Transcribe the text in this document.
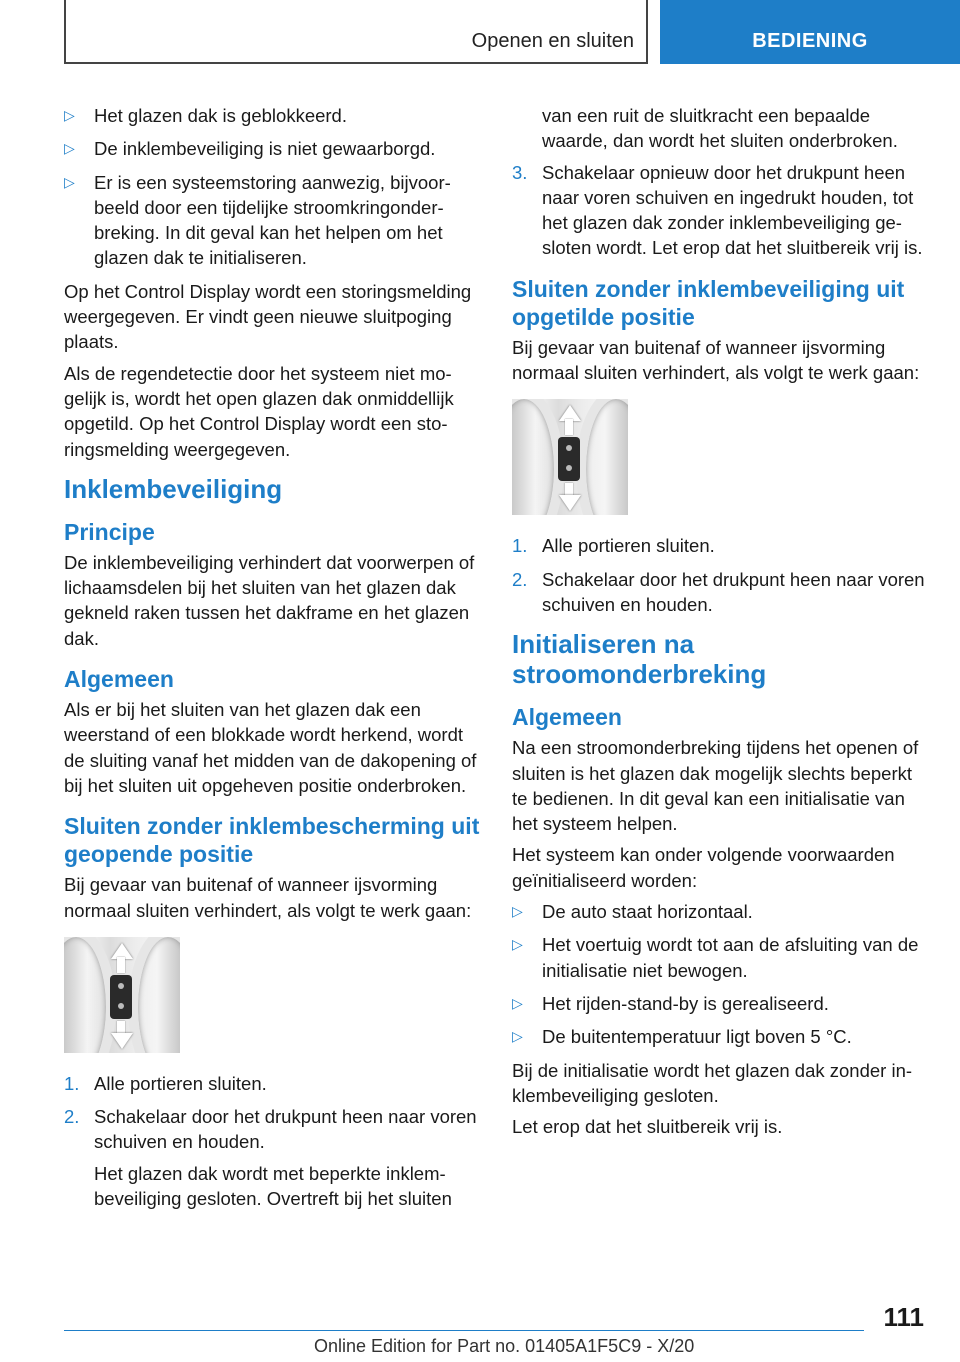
Openen en sluiten	BEDIENING
▷ Het glazen dak is geblokkeerd.
▷ De inklembeveiliging is niet gewaarborgd.
▷ Er is een systeemstoring aanwezig, bijvoorbeeld door een tijdelijke stroomkringonderbreking. In dit geval kan het helpen om het glazen dak te initialiseren.

Op het Control Display wordt een storingsmelding weergegeven. Er vindt geen nieuwe sluitpoging plaats.

Als de regendetectie door het systeem niet mogelijk is, wordt het open glazen dak onmiddellijk opgetild. Op het Control Display wordt een storingsmelding weergegeven.

Inklembeveiliging
Principe

De inklembeveiliging verhindert dat voorwerpen of lichaamsdelen bij het sluiten van het glazen dak gekneld raken tussen het dakframe en het glazen dak.

Algemeen

Als er bij het sluiten van het glazen dak een weerstand of een blokkade wordt herkend, wordt de sluiting vanaf het midden van de dakopening of bij het sluiten uit opgeheven positie onderbroken.

Sluiten zonder inklembescherming uit geopende positie

Bij gevaar van buitenaf of wanneer ijsvorming normaal sluiten verhindert, als volgt te werk gaan:

1. Alle portieren sluiten.
2. Schakelaar door het drukpunt heen naar voren schuiven en houden.

Het glazen dak wordt met beperkte inklembeveiliging gesloten. Overtreft bij het sluiten

van een ruit de sluitkracht een bepaalde waarde, dan wordt het sluiten onderbroken.

3. Schakelaar opnieuw door het drukpunt heen naar voren schuiven en ingedrukt houden, tot het glazen dak zonder inklembeveiliging gesloten wordt. Let erop dat het sluitbereik vrij is.
Sluiten zonder inklembeveiliging uit opgetilde positie

Bij gevaar van buitenaf of wanneer ijsvorming normaal sluiten verhindert, als volgt te werk gaan:

1. Alle portieren sluiten.
2. Schakelaar door het drukpunt heen naar voren schuiven en houden.
Initialiseren na stroomonderbreking
Algemeen

Na een stroomonderbreking tijdens het openen of sluiten is het glazen dak mogelijk slechts beperkt te bedienen. In dit geval kan een initialisatie van het systeem helpen.

Het systeem kan onder volgende voorwaarden geïnitialiseerd worden:

▷ De auto staat horizontaal.
▷ Het voertuig wordt tot aan de afsluiting van de initialisatie niet bewogen.
▷ Het rijden-stand-by is gerealiseerd.
▷ De buitentemperatuur ligt boven 5 °C.

Bij de initialisatie wordt het glazen dak zonder inklembeveiliging gesloten.

Let erop dat het sluitbereik vrij is.

111
Online Edition for Part no. 01405A1F5C9 - X/20
